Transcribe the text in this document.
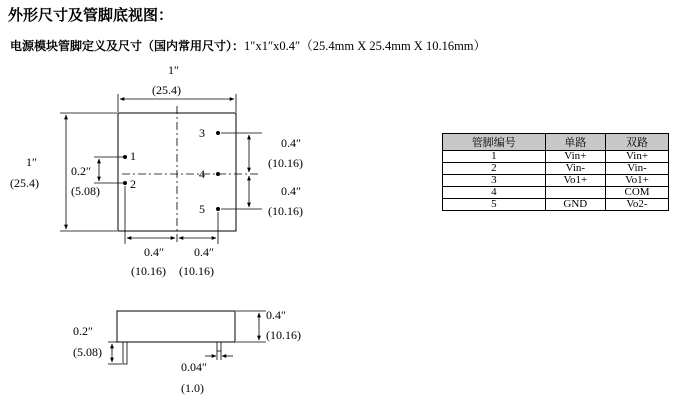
外形尺寸及管脚底视图：
电源模块管脚定义及尺寸（国内常用尺寸）：1″x1″x0.4″（25.4mm X 25.4mm X 10.16mm）
1″
(25.4)
1″
(25.4)
1
2
3
4
5
0.2″
(5.08)
0.4″
(10.16)
0.4″
(10.16)
0.4″
(10.16)
0.4″
(10.16)
0.4″
(10.16)
0.2″
(5.08)
0.04″
(1.0)
管脚编号	单路	双路
1	Vin+	Vin+
2	Vin-	Vin-
3	Vo1+	Vo1+
4		COM
5	GND	Vo2-
